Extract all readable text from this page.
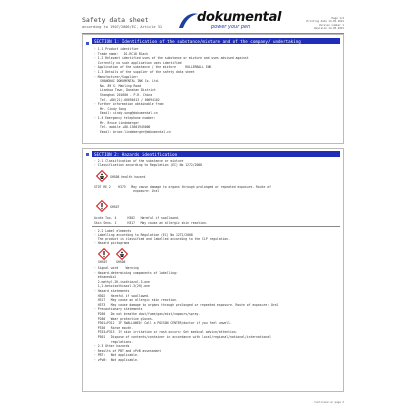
Safety data sheet
according to 1907/2006/EC, Article 31
dokumental
power your pen
Page 1/4
Printing date 14.05.2021
Version number 1
Revision 14.05.2021
SECTION 1: Identification of the substance/mixture and of the company/ undertaking
· 1.1 Product identifier
· Trade name:   D1-RC18 Black
· 1.2 Relevant identified uses of the substance or mixture and uses advised against
Currently no such application uses identified
· Application of the substance / the mixture     ROLLERBALL INK
· 1.3 Details of the supplier of the safety data sheet
· Manufacturer/Supplier:
SHANGHAI DOKUMENTAL INK Co. Ltd.
No. 89 S. Manling Road
Lianhua Town, Danshan District
Shanghai 201600 - P.R. China
Tel. +86(21)-66694613 / 66694102
· Further information obtainable from:
Mr. Cindy Song
Email: cindy.song@dokumental.cn
· 1.4 Emergency telephone number:
Mr. Bruce Lindeberger
Tel. mobile +86-13601945000
Email: bruce.lindeberger@dokumental.cn
SECTION 2: Hazards identification
· 2.1 Classification of the substance or mixture
· Classification according to Regulation (EC) No 1272/2008
GHS08 health hazard
STOT RE 2    H373   May cause damage to organs through prolonged or repeated exposure. Route of
exposure: Oral
GHS07
Acute Tox. 4      H302   Harmful if swallowed.
Skin Sens. 1      H317   May cause an allergic skin reaction.
· 2.2 Label elements
· Labelling according to Regulation (EC) No 1272/2008
The product is classified and labelled according to the CLP regulation.
· Hazard pictograms
GHS07	GHS08
· Signal word    Warning
· Hazard-determining components of labelling:
ethanediol
2-methyl-2H-isothiazol-3-one
1,2-benzisothiazol-3(2H)-one
· Hazard statements
H302   Harmful if swallowed.
H317   May cause an allergic skin reaction.
H373   May cause damage to organs through prolonged or repeated exposure. Route of exposure: Oral
· Precautionary statements
P260   Do not breathe dust/fume/gas/mist/vapours/spray.
P280   Wear protective gloves.
P301+P312  IF SWALLOWED: Call a POISON CENTER/doctor if you feel unwell.
P330   Rinse mouth.
P333+P313  If skin irritation or rash occurs: Get medical advice/attention.
P501   Dispose of contents/container in accordance with local/regional/national/international
regulations.
· 2.3 Other hazards
· Results of PBT and vPvB assessment
· PBT:   Not applicable.
· vPvB:  Not applicable.
Continued on page 2
